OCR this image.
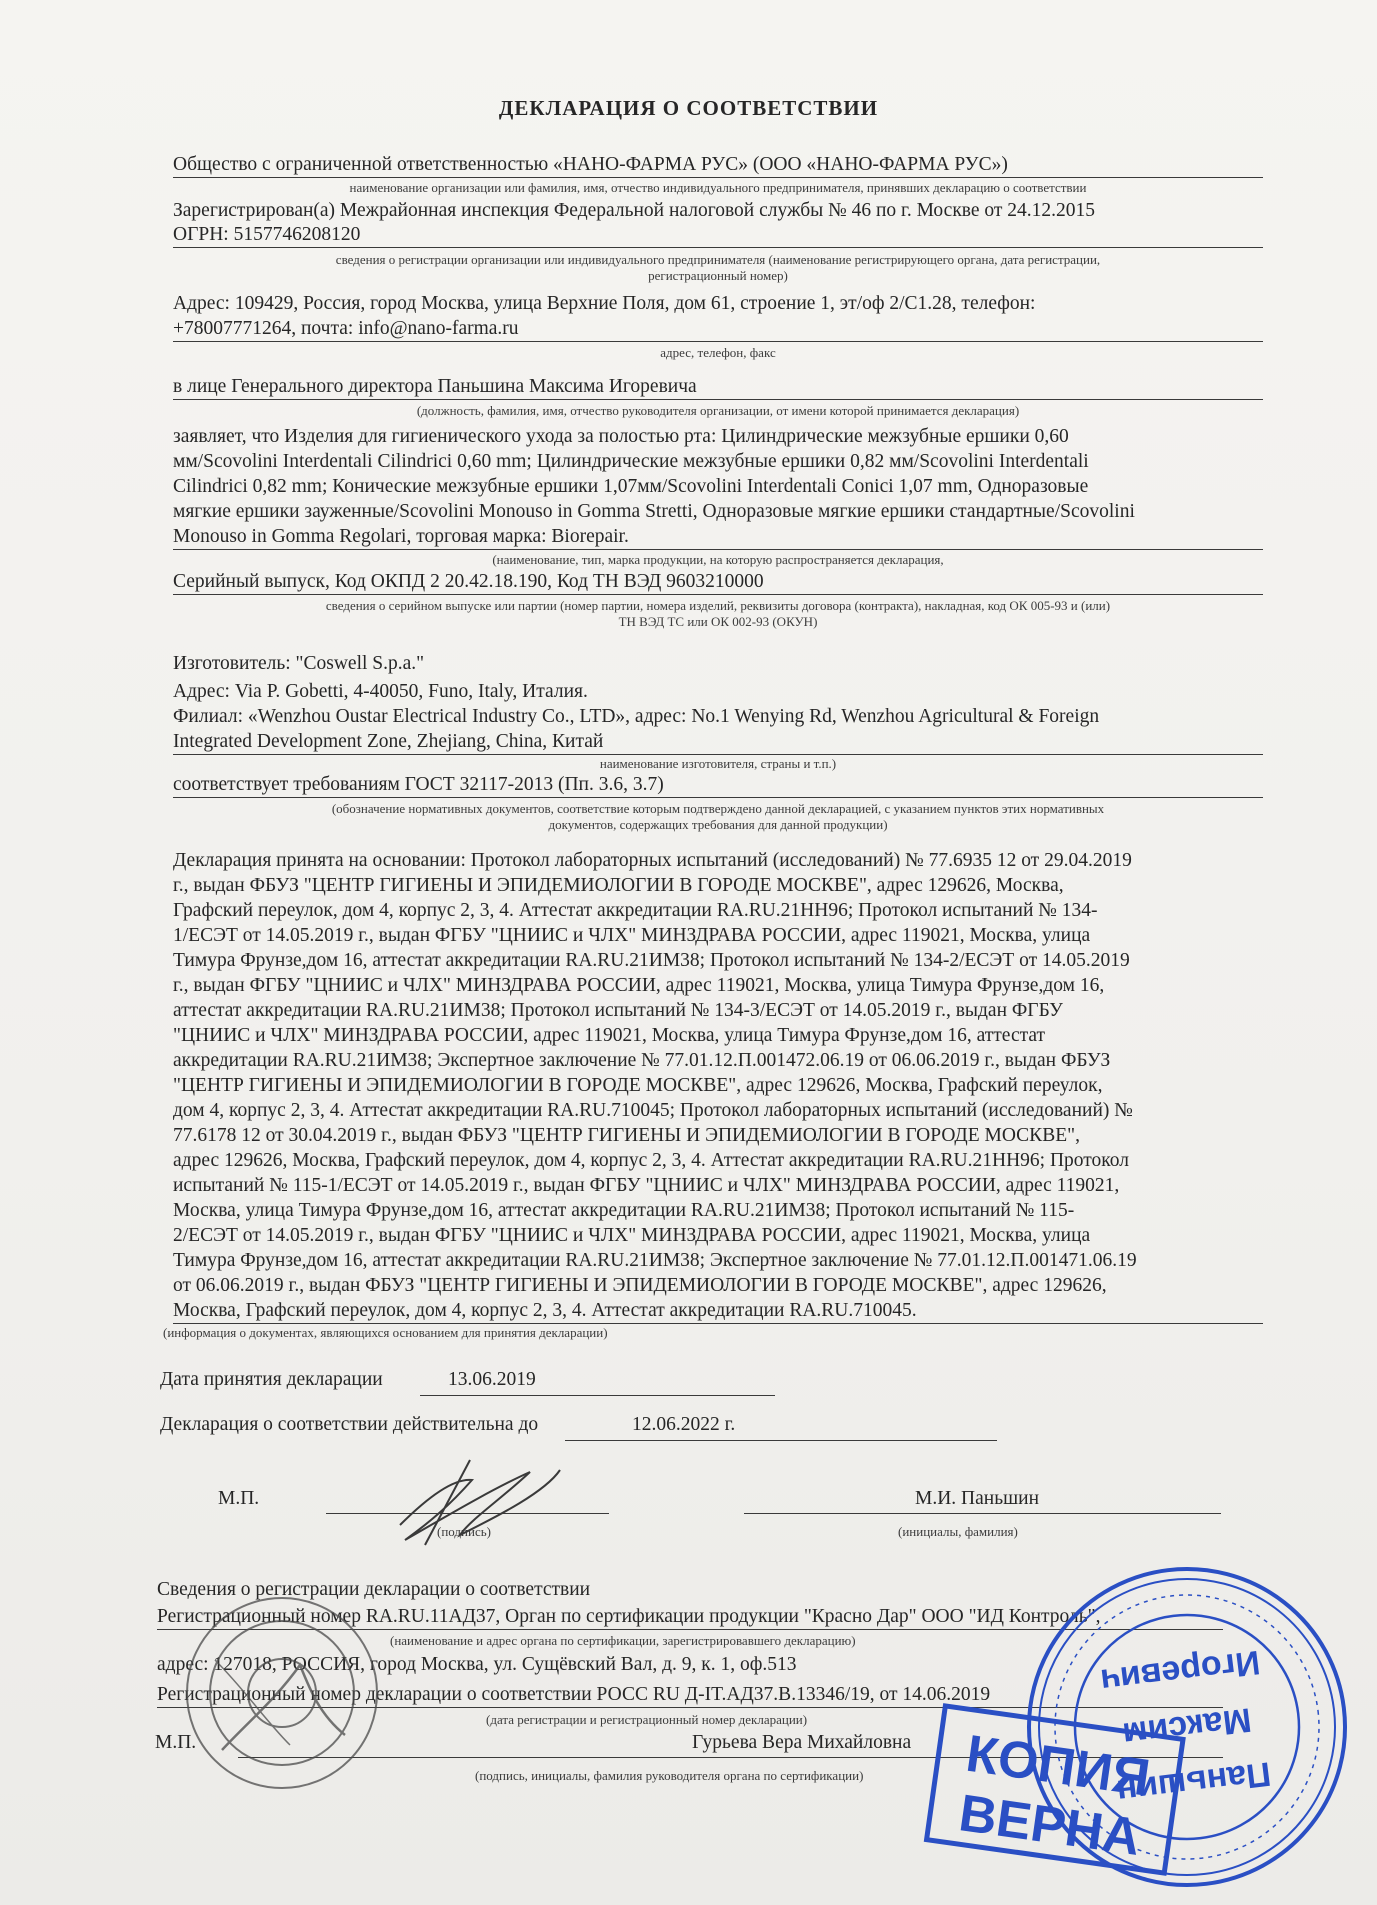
ДЕКЛАРАЦИЯ О СООТВЕТСТВИИ
Общество с ограниченной ответственностью «НАНО-ФАРМА РУС» (ООО «НАНО-ФАРМА РУС»)
наименование организации или фамилия, имя, отчество индивидуального предпринимателя, принявших декларацию о соответствии
Зарегистрирован(а) Межрайонная инспекция Федеральной налоговой службы № 46 по г. Москве от 24.12.2015
ОГРН: 5157746208120
сведения о регистрации организации или индивидуального предпринимателя (наименование регистрирующего органа, дата регистрации,
регистрационный номер)
Адрес: 109429, Россия, город Москва, улица Верхние Поля, дом 61, строение 1, эт/оф 2/С1.28, телефон:
+78007771264, почта: info@nano-farma.ru
адрес, телефон, факс
в лице Генерального директора Паньшина Максима Игоревича
(должность, фамилия, имя, отчество руководителя организации, от имени которой принимается декларация)
заявляет, что Изделия для гигиенического ухода за полостью рта: Цилиндрические межзубные ершики 0,60
мм/Scovolini Interdentali Cilindrici 0,60 mm; Цилиндрические межзубные ершики 0,82 мм/Scovolini Interdentali
Cilindrici 0,82 mm; Конические межзубные ершики 1,07мм/Scovolini Interdentali Conici 1,07 mm, Одноразовые
мягкие ершики зауженные/Scovolini Monouso in Gomma Stretti, Одноразовые мягкие ершики стандартные/Scovolini
Monouso in Gomma Regolari, торговая марка: Biorepair.
(наименование, тип, марка продукции, на которую распространяется декларация,
Серийный выпуск, Код ОКПД 2 20.42.18.190, Код ТН ВЭД 9603210000
сведения о серийном выпуске или партии (номер партии, номера изделий, реквизиты договора (контракта), накладная, код ОК 005-93 и (или)
ТН ВЭД ТС или ОК 002-93 (ОКУН)
Изготовитель: "Coswell S.p.a."
Адрес: Via P. Gobetti, 4-40050, Funo, Italy, Италия.
Филиал: «Wenzhou Oustar Electrical Industry Co., LTD», адрес: No.1 Wenying Rd, Wenzhou Agricultural & Foreign
Integrated Development Zone, Zhejiang, China, Китай
наименование изготовителя, страны и т.п.)
соответствует требованиям ГОСТ 32117-2013 (Пп. 3.6, 3.7)
(обозначение нормативных документов, соответствие которым подтверждено данной декларацией, с указанием пунктов этих нормативных
документов, содержащих требования для данной продукции)
Декларация принята на основании: Протокол лабораторных испытаний (исследований) № 77.6935 12 от 29.04.2019
г., выдан ФБУЗ "ЦЕНТР ГИГИЕНЫ И ЭПИДЕМИОЛОГИИ В ГОРОДЕ МОСКВЕ", адрес 129626, Москва,
Графский переулок, дом 4, корпус 2, 3, 4. Аттестат аккредитации RA.RU.21НН96; Протокол испытаний № 134-
1/ЕСЭТ от 14.05.2019 г., выдан ФГБУ "ЦНИИС и ЧЛХ" МИНЗДРАВА РОССИИ, адрес 119021, Москва, улица
Тимура Фрунзе,дом 16, аттестат аккредитации RA.RU.21ИМ38; Протокол испытаний № 134-2/ЕСЭТ от 14.05.2019
г., выдан ФГБУ "ЦНИИС и ЧЛХ" МИНЗДРАВА РОССИИ, адрес 119021, Москва, улица Тимура Фрунзе,дом 16,
аттестат аккредитации RA.RU.21ИМ38; Протокол испытаний № 134-3/ЕСЭТ от 14.05.2019 г., выдан ФГБУ
"ЦНИИС и ЧЛХ" МИНЗДРАВА РОССИИ, адрес 119021, Москва, улица Тимура Фрунзе,дом 16, аттестат
аккредитации RA.RU.21ИМ38; Экспертное заключение № 77.01.12.П.001472.06.19 от 06.06.2019 г., выдан ФБУЗ
"ЦЕНТР ГИГИЕНЫ И ЭПИДЕМИОЛОГИИ В ГОРОДЕ МОСКВЕ", адрес 129626, Москва, Графский переулок,
дом 4, корпус 2, 3, 4. Аттестат аккредитации RA.RU.710045; Протокол лабораторных испытаний (исследований) №
77.6178 12 от 30.04.2019 г., выдан ФБУЗ "ЦЕНТР ГИГИЕНЫ И ЭПИДЕМИОЛОГИИ В ГОРОДЕ МОСКВЕ",
адрес 129626, Москва, Графский переулок, дом 4, корпус 2, 3, 4. Аттестат аккредитации RA.RU.21НН96; Протокол
испытаний № 115-1/ЕСЭТ от 14.05.2019 г., выдан ФГБУ "ЦНИИС и ЧЛХ" МИНЗДРАВА РОССИИ, адрес 119021,
Москва, улица Тимура Фрунзе,дом 16, аттестат аккредитации RA.RU.21ИМ38; Протокол испытаний № 115-
2/ЕСЭТ от 14.05.2019 г., выдан ФГБУ "ЦНИИС и ЧЛХ" МИНЗДРАВА РОССИИ, адрес 119021, Москва, улица
Тимура Фрунзе,дом 16, аттестат аккредитации RA.RU.21ИМ38; Экспертное заключение № 77.01.12.П.001471.06.19
от 06.06.2019 г., выдан ФБУЗ "ЦЕНТР ГИГИЕНЫ И ЭПИДЕМИОЛОГИИ В ГОРОДЕ МОСКВЕ", адрес 129626,
Москва, Графский переулок, дом 4, корпус 2, 3, 4. Аттестат аккредитации RA.RU.710045.
(информация о документах, являющихся основанием для принятия декларации)
Дата принятия декларации	13.06.2019
Декларация о соответствии действительна до	12.06.2022 г.
М.П.
(подпись)
М.И. Паньшин
(инициалы, фамилия)
Сведения о регистрации декларации о соответствии
Регистрационный номер RA.RU.11АД37, Орган по сертификации продукции "Красно Дар" ООО "ИД Контроль",
(наименование и адрес органа по сертификации, зарегистрировавшего декларацию)
адрес: 127018, РОССИЯ, город Москва, ул. Сущёвский Вал, д. 9, к. 1, оф.513
Регистрационный номер декларации о соответствии РОСС RU Д-IT.АД37.В.13346/19, от 14.06.2019
(дата регистрации и регистрационный номер декларации)
М.П.	Гурьева Вера Михайловна
(подпись, инициалы, фамилия руководителя органа по сертификации)	Паньшин
Максим
Игоревич
КОПИЯ
ВЕРНА
